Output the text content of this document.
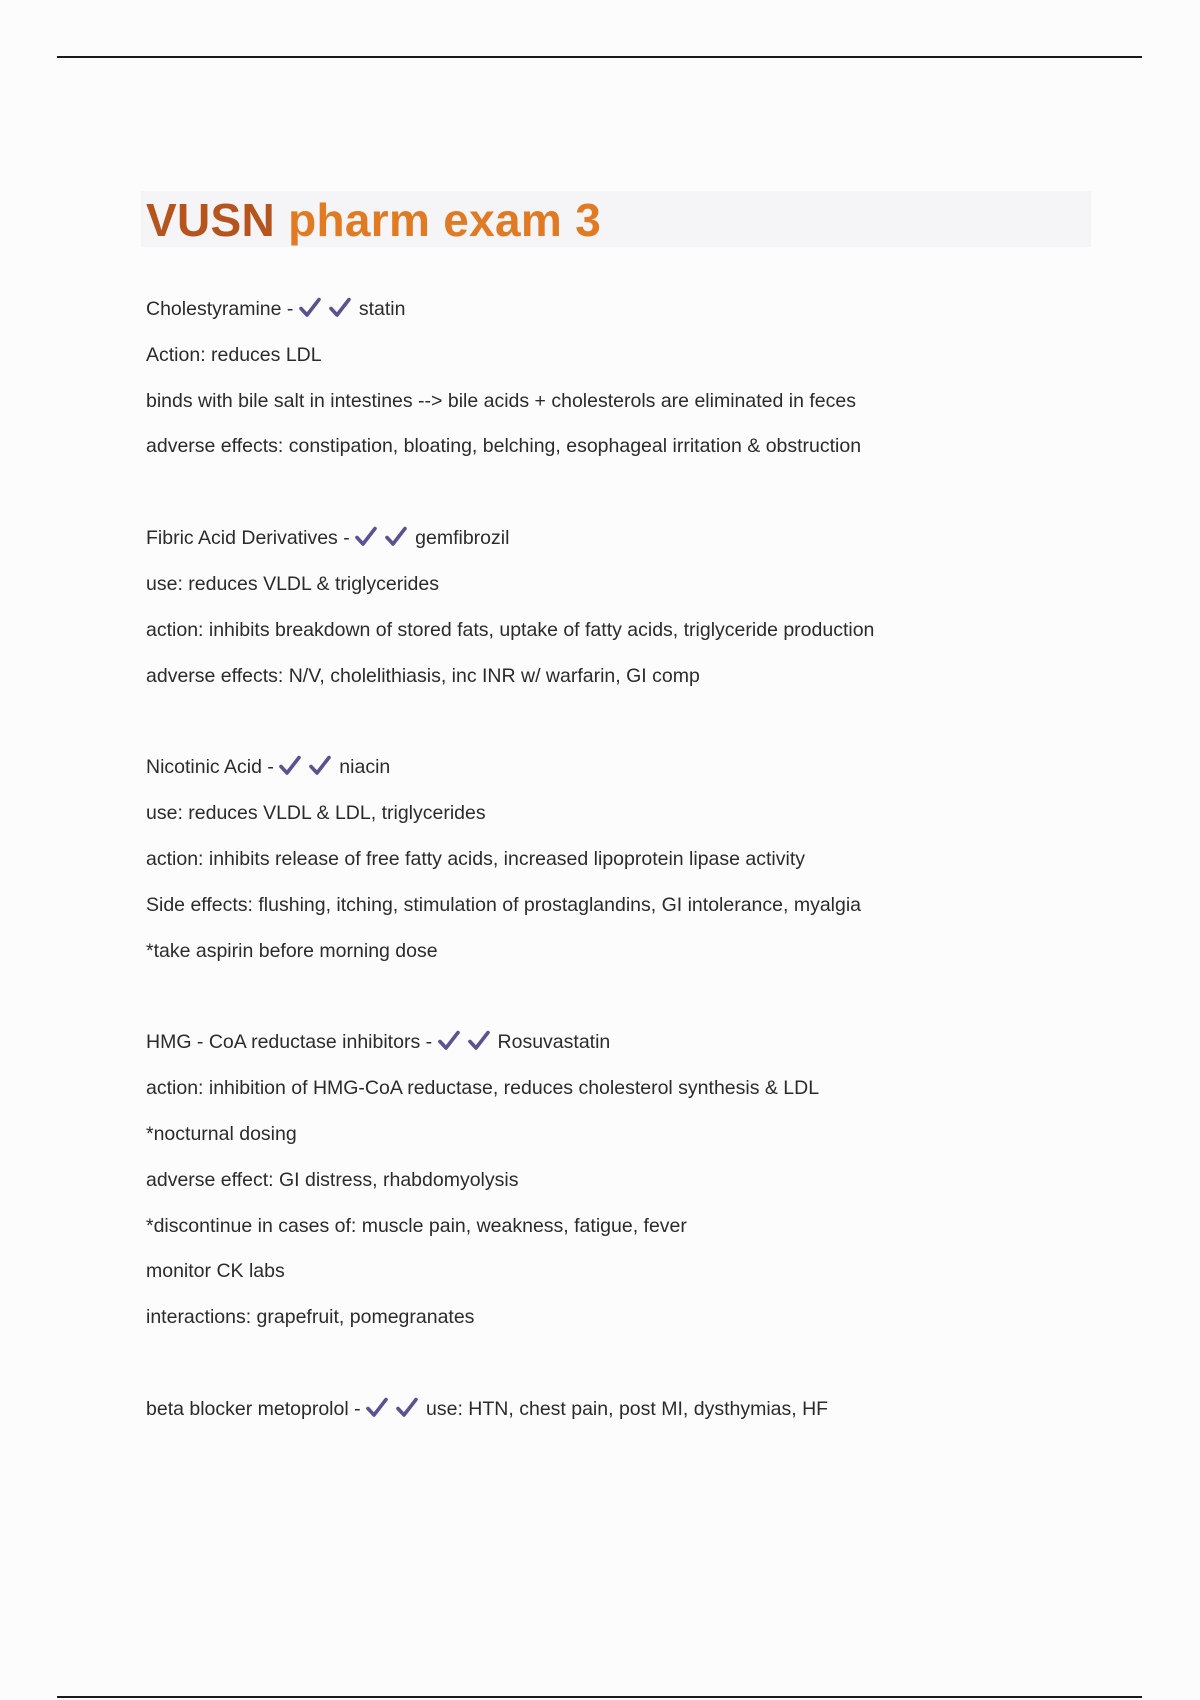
VUSN pharm exam 3
Cholestyramine -	statin
Action: reduces LDL
binds with bile salt in intestines --> bile acids + cholesterols are eliminated in feces
adverse effects: constipation, bloating, belching, esophageal irritation & obstruction
Fibric Acid Derivatives -	gemfibrozil
use: reduces VLDL & triglycerides
action: inhibits breakdown of stored fats, uptake of fatty acids, triglyceride production
adverse effects: N/V, cholelithiasis, inc INR w/ warfarin, GI comp
Nicotinic Acid -	niacin
use: reduces VLDL & LDL, triglycerides
action: inhibits release of free fatty acids, increased lipoprotein lipase activity
Side effects: flushing, itching, stimulation of prostaglandins, GI intolerance, myalgia
*take aspirin before morning dose
HMG - CoA reductase inhibitors -	Rosuvastatin
action: inhibition of HMG-CoA reductase, reduces cholesterol synthesis & LDL
*nocturnal dosing
adverse effect: GI distress, rhabdomyolysis
*discontinue in cases of: muscle pain, weakness, fatigue, fever
monitor CK labs
interactions: grapefruit, pomegranates
beta blocker metoprolol -	use: HTN, chest pain, post MI, dysthymias, HF
